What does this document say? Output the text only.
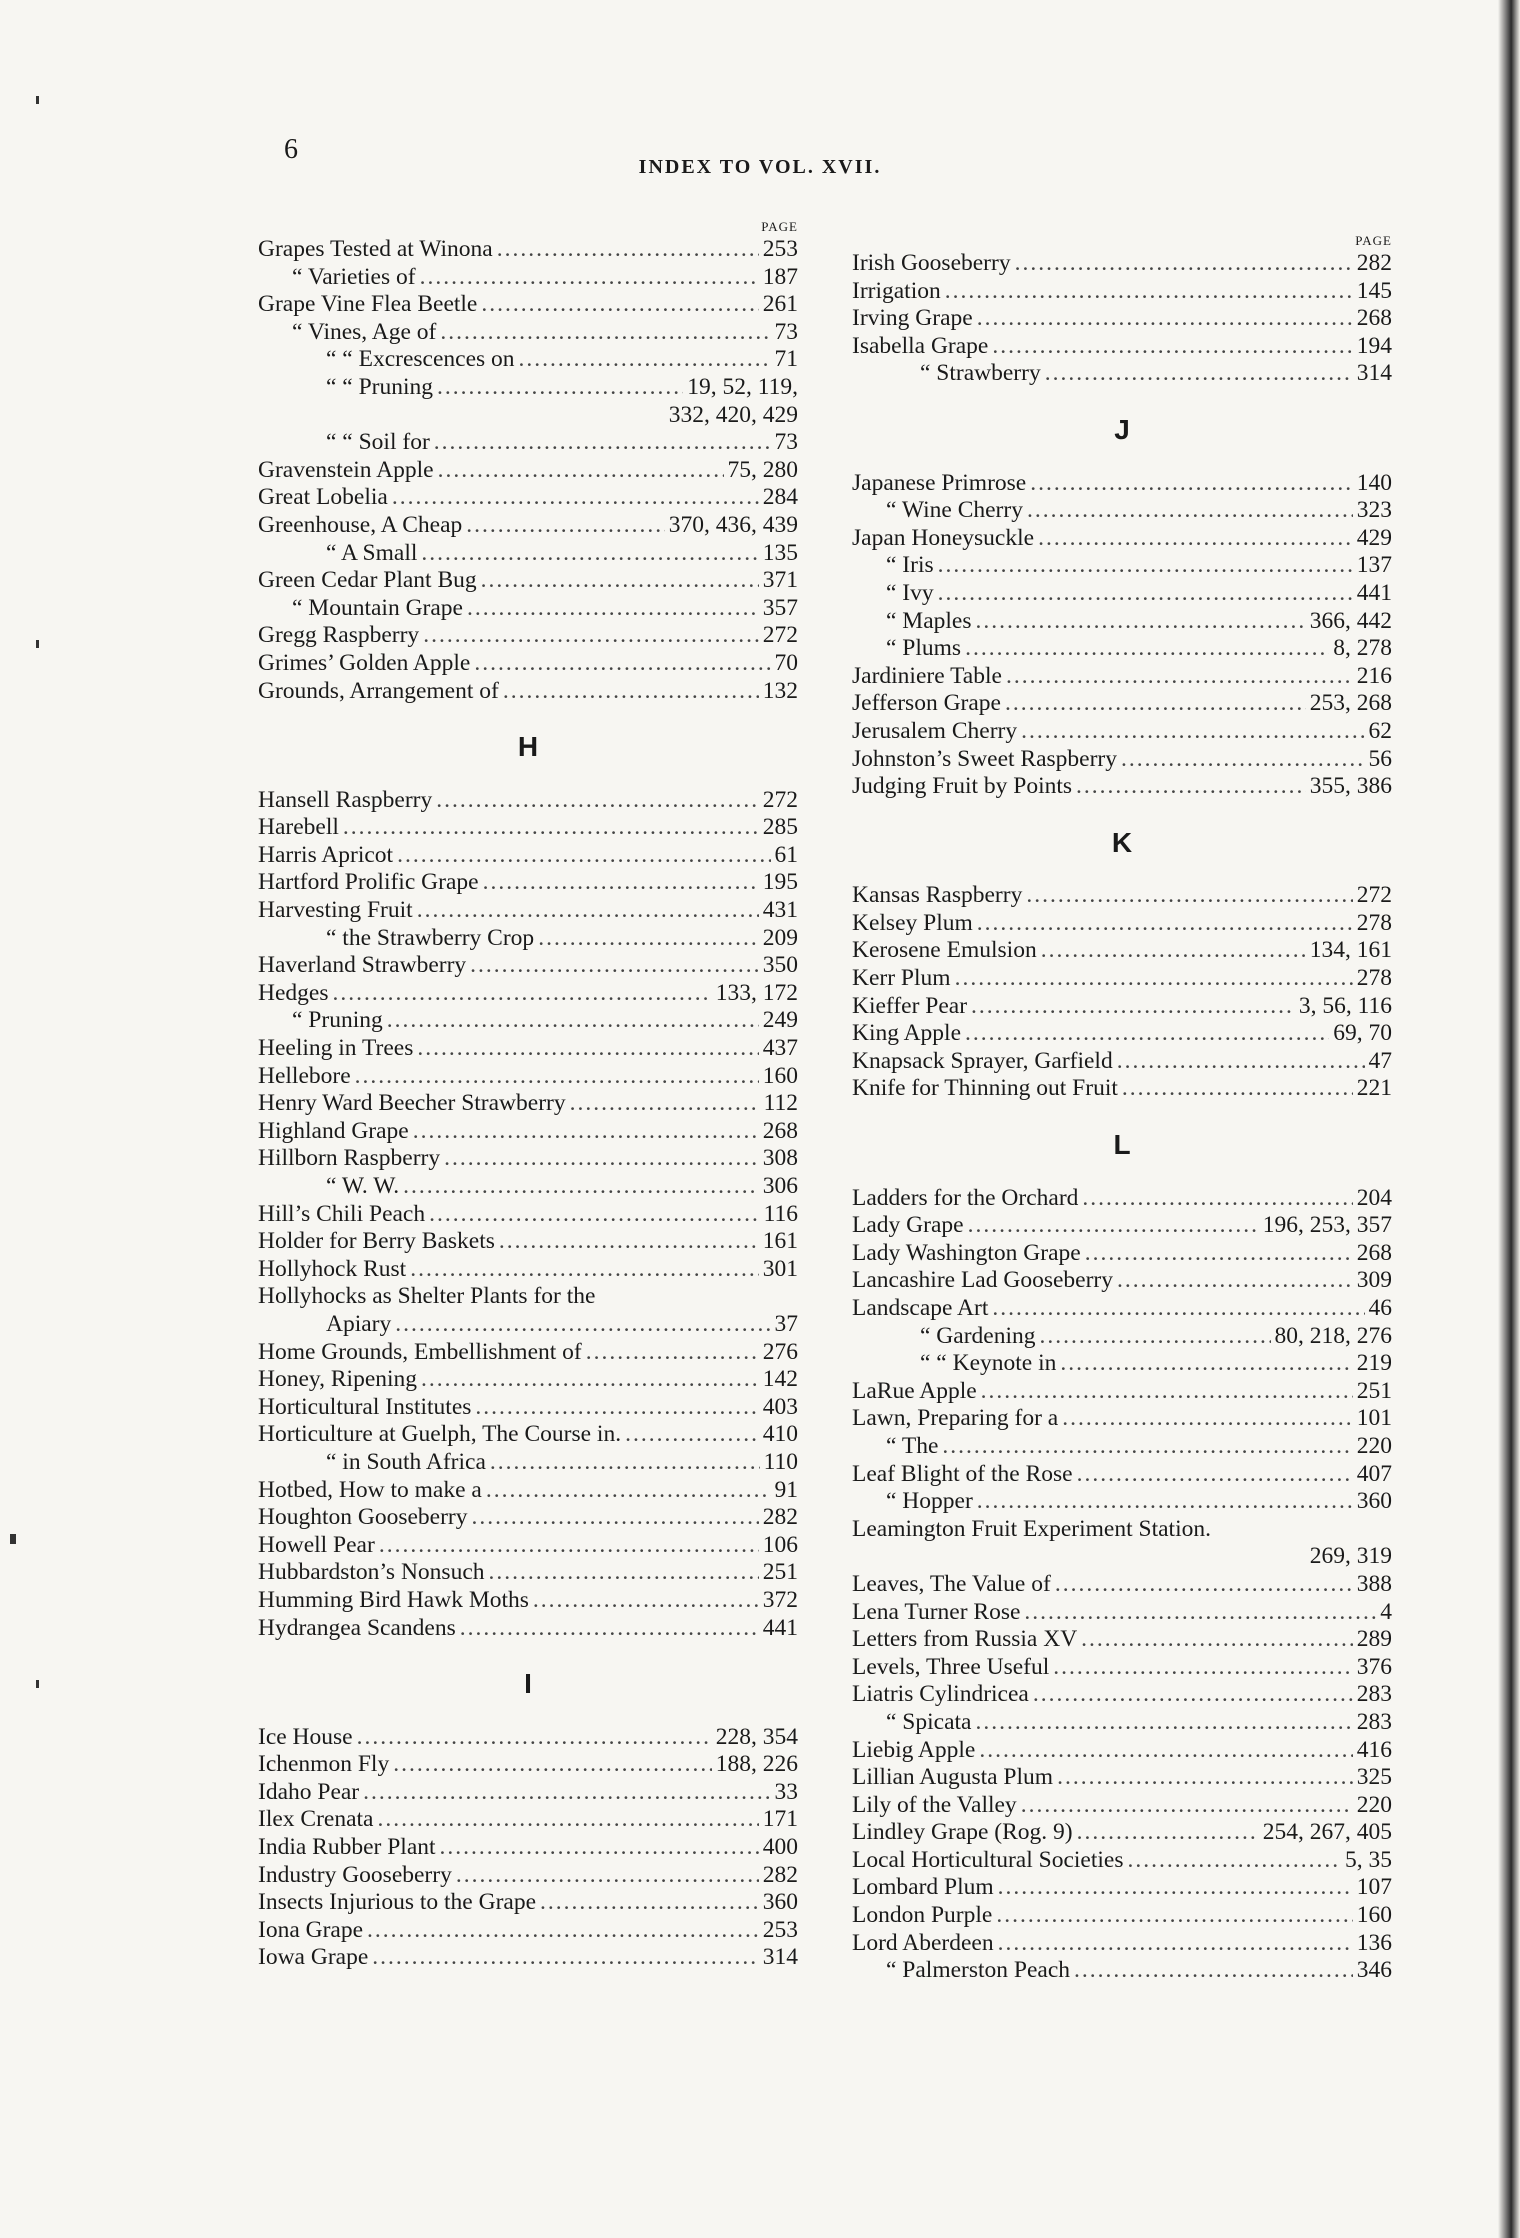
6
INDEX TO VOL. XVII.
PAGE
Grapes Tested at Winona .....	253
“ Varieties of .....	187
Grape Vine Flea Beetle .....	261
“ Vines, Age of .....	73
“ “ Excrescences on .....	71
“ “ Pruning .....	19, 52, 119,
332, 420, 429
“ “ Soil for .....	73
Gravenstein Apple .....	75, 280
Great Lobelia .....	284
Greenhouse, A Cheap .....	370, 436, 439
“ A Small .....	135
Green Cedar Plant Bug .....	371
“ Mountain Grape .....	357
Gregg Raspberry .....	272
Grimes’ Golden Apple .....	70
Grounds, Arrangement of .....	132
H
Hansell Raspberry .....	272
Harebell .....	285
Harris Apricot .....	61
Hartford Prolific Grape .....	195
Harvesting Fruit .....	431
“ the Strawberry Crop .....	209
Haverland Strawberry .....	350
Hedges .....	133, 172
“ Pruning .....	249
Heeling in Trees .....	437
Hellebore .....	160
Henry Ward Beecher Strawberry .....	112
Highland Grape .....	268
Hillborn Raspberry .....	308
“ W. W. .....	306
Hill’s Chili Peach .....	116
Holder for Berry Baskets .....	161
Hollyhock Rust .....	301
Hollyhocks as Shelter Plants for the
Apiary .....	37
Home Grounds, Embellishment of .....	276
Honey, Ripening .....	142
Horticultural Institutes .....	403
Horticulture at Guelph, The Course in. .....	410
“ in South Africa .....	110
Hotbed, How to make a .....	91
Houghton Gooseberry .....	282
Howell Pear .....	106
Hubbardston’s Nonsuch .....	251
Humming Bird Hawk Moths .....	372
Hydrangea Scandens .....	441
I
Ice House .....	228, 354
Ichenmon Fly .....	188, 226
Idaho Pear .....	33
Ilex Crenata .....	171
India Rubber Plant .....	400
Industry Gooseberry .....	282
Insects Injurious to the Grape .....	360
Iona Grape .....	253
Iowa Grape .....	314
PAGE
Irish Gooseberry .....	282
Irrigation .....	145
Irving Grape .....	268
Isabella Grape .....	194
“ Strawberry .....	314
J
Japanese Primrose .....	140
“ Wine Cherry .....	323
Japan Honeysuckle .....	429
“ Iris .....	137
“ Ivy .....	441
“ Maples .....	366, 442
“ Plums .....	8, 278
Jardiniere Table .....	216
Jefferson Grape .....	253, 268
Jerusalem Cherry .....	62
Johnston’s Sweet Raspberry .....	56
Judging Fruit by Points .....	355, 386
K
Kansas Raspberry .....	272
Kelsey Plum .....	278
Kerosene Emulsion .....	134, 161
Kerr Plum .....	278
Kieffer Pear .....	3, 56, 116
King Apple .....	69, 70
Knapsack Sprayer, Garfield .....	47
Knife for Thinning out Fruit .....	221
L
Ladders for the Orchard .....	204
Lady Grape .....	196, 253, 357
Lady Washington Grape .....	268
Lancashire Lad Gooseberry .....	309
Landscape Art .....	46
“ Gardening .....	80, 218, 276
“ “ Keynote in .....	219
LaRue Apple .....	251
Lawn, Preparing for a .....	101
“ The .....	220
Leaf Blight of the Rose .....	407
“ Hopper .....	360
Leamington Fruit Experiment Station.
269, 319
Leaves, The Value of .....	388
Lena Turner Rose .....	4
Letters from Russia XV .....	289
Levels, Three Useful .....	376
Liatris Cylindricea .....	283
“ Spicata .....	283
Liebig Apple .....	416
Lillian Augusta Plum .....	325
Lily of the Valley .....	220
Lindley Grape (Rog. 9) .....	254, 267, 405
Local Horticultural Societies .....	5, 35
Lombard Plum .....	107
London Purple .....	160
Lord Aberdeen .....	136
“ Palmerston Peach .....	346
